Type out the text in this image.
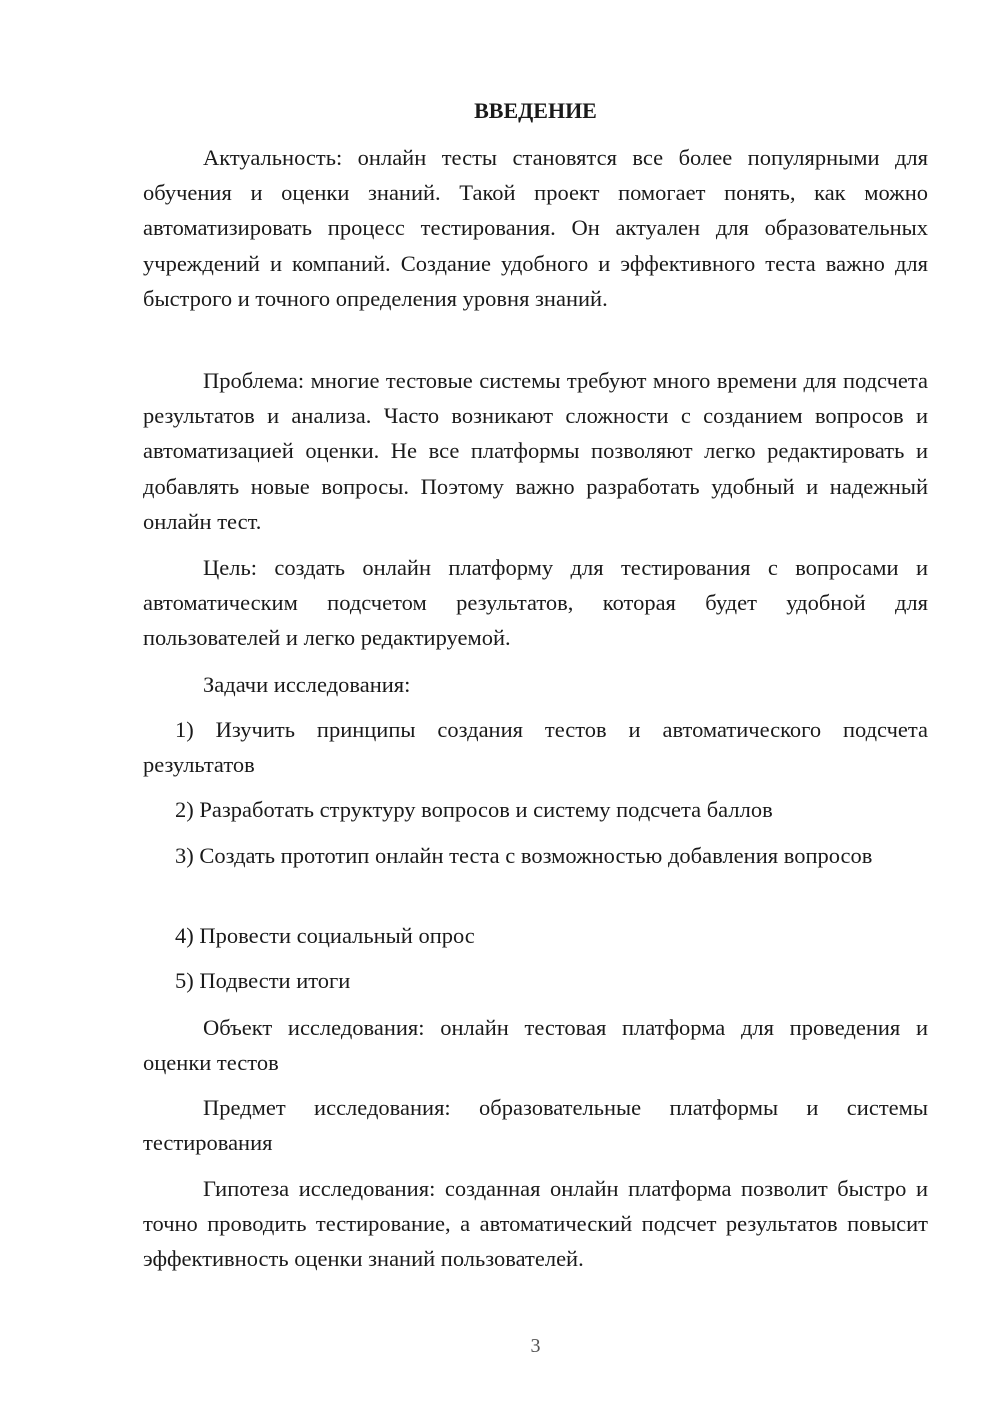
ВВЕДЕНИЕ

Актуальность: онлайн тесты становятся все более популярными для обучения и оценки знаний. Такой проект помогает понять, как можно автоматизировать процесс тестирования. Он актуален для образовательных учреждений и компаний. Создание удобного и эффективного теста важно для быстрого и точного определения уровня знаний.

Проблема: многие тестовые системы требуют много времени для подсчета результатов и анализа. Часто возникают сложности с созданием вопросов и автоматизацией оценки. Не все платформы позволяют легко редактировать и добавлять новые вопросы. Поэтому важно разработать удобный и надежный онлайн тест.

Цель: создать онлайн платформу для тестирования с вопросами и автоматическим подсчетом результатов, которая будет удобной для пользователей и легко редактируемой.

Задачи исследования:

1) Изучить принципы создания тестов и автоматического подсчета результатов

2) Разработать структуру вопросов и систему подсчета баллов

3) Создать прототип онлайн теста с возможностью добавления вопросов

4) Провести социальный опрос

5) Подвести итоги

Объект исследования: онлайн тестовая платформа для проведения и оценки тестов

Предмет исследования: образовательные платформы и системы тестирования

Гипотеза исследования: созданная онлайн платформа позволит быстро и точно проводить тестирование, а автоматический подсчет результатов повысит эффективность оценки знаний пользователей.

3
